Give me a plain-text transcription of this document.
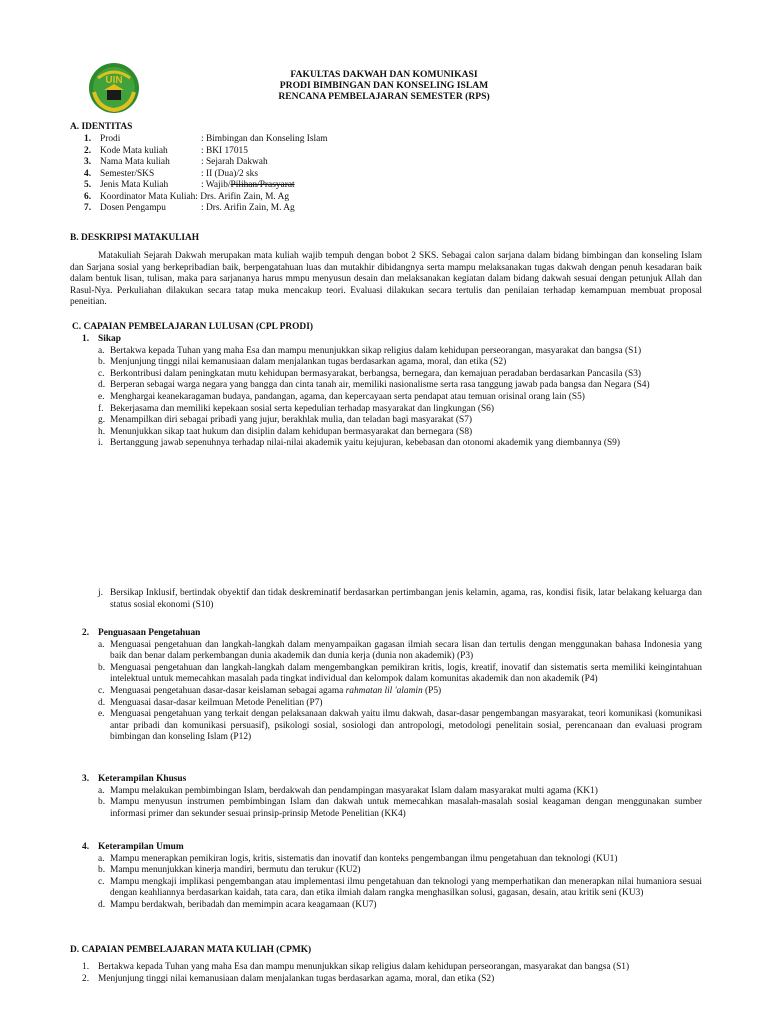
UIN
FAKULTAS DAKWAH DAN KOMUNIKASI
PRODI BIMBINGAN DAN KONSELING ISLAM
RENCANA PEMBELAJARAN SEMESTER (RPS)
A. IDENTITAS
1. Prodi	: Bimbingan dan Konseling Islam
2. Kode Mata kuliah	: BKI 17015
3. Nama Mata kuliah	: Sejarah Dakwah
4. Semester/SKS	: II (Dua)/2 sks
5. Jenis Mata Kuliah	: Wajib/Pilihan/Prasyarat
6. Koordinator Mata Kuliah: Drs. Arifin Zain, M. Ag
7. Dosen Pengampu	: Drs. Arifin Zain, M. Ag
B. DESKRIPSI MATAKULIAH
Matakuliah Sejarah Dakwah merupakan mata kuliah wajib tempuh dengan bobot 2 SKS. Sebagai calon sarjana dalam bidang bimbingan dan konseling Islam dan Sarjana sosial yang berkepribadian baik, berpengatahuan luas dan mutakhir dibidangnya serta mampu melaksanakan tugas dakwah dengan penuh kesadaran baik dalam bentuk lisan, tulisan, maka para sarjananya harus mmpu menyusun desain dan melaksanakan kegiatan dalam bidang dakwah sesuai dengan petunjuk Allah dan Rasul-Nya. Perkuliahan dilakukan secara tatap muka mencakup teori. Evaluasi dilakukan secara tertulis dan penilaian terhadap kemampuan membuat proposal peneitian.
C. CAPAIAN PEMBELAJARAN LULUSAN (CPL PRODI)
1. Sikap
a. Bertakwa kepada Tuhan yang maha Esa dan mampu menunjukkan sikap religius dalam kehidupan perseorangan, masyarakat dan bangsa (S1)
b. Menjunjung tinggi nilai kemanusiaan dalam menjalankan tugas berdasarkan agama, moral, dan etika (S2)
c. Berkontribusi dalam peningkatan mutu kehidupan bermasyarakat, berbangsa, bernegara, dan kemajuan peradaban berdasarkan Pancasila (S3)
d. Berperan sebagai warga negara yang bangga dan cinta tanah air, memiliki nasionalisme serta rasa tanggung jawab pada bangsa dan Negara (S4)
e. Menghargai keanekaragaman budaya, pandangan, agama, dan kepercayaan serta pendapat atau temuan orisinal orang lain (S5)
f. Bekerjasama dan memiliki kepekaan sosial serta kepedulian terhadap masyarakat dan lingkungan (S6)
g. Menampilkan diri sebagai pribadi yang jujur, berakhlak mulia, dan teladan bagi masyarakat (S7)
h. Menunjukkan sikap taat hukum dan disiplin dalam kehidupan bermasyarakat dan bernegara (S8)
i. Bertanggung jawab sepenuhnya terhadap nilai-nilai akademik yaitu kejujuran, kebebasan dan otonomi akademik yang diembannya (S9)
j. Bersikap Inklusif, bertindak obyektif dan tidak deskreminatif berdasarkan pertimbangan jenis kelamin, agama, ras, kondisi fisik, latar belakang keluarga dan status sosial ekonomi (S10)
2. Penguasaan Pengetahuan
a. Menguasai pengetahuan dan langkah-langkah dalam menyampaikan gagasan ilmiah secara lisan dan tertulis dengan menggunakan bahasa Indonesia yang baik dan benar dalam perkembangan dunia akademik dan dunia kerja (dunia non akademik) (P3)
b. Menguasai pengetahuan dan langkah-langkah dalam mengembangkan pemikiran kritis, logis, kreatif, inovatif dan sistematis serta memiliki keingintahuan intelektual untuk memecahkan masalah pada tingkat individual dan kelompok dalam komunitas akademik dan non akademik (P4)
c. Menguasai pengetahuan dasar-dasar keislaman sebagai agama rahmatan lil 'alamin (P5)
d. Menguasai dasar-dasar keilmuan Metode Penelitian (P7)
e. Menguasai pengetahuan yang terkait dengan pelaksanaan dakwah yaitu ilmu dakwah, dasar-dasar pengembangan masyarakat, teori komunikasi (komunikasi antar pribadi dan komunikasi persuasif), psikologi sosial, sosiologi dan antropologi, metodologi penelitain sosial, perencanaan dan evaluasi program bimbingan dan konseling Islam (P12)
3. Keterampilan Khusus
a. Mampu melakukan pembimbingan Islam, berdakwah dan pendampingan masyarakat Islam dalam masyarakat multi agama (KK1)
b. Mampu menyusun instrumen pembimbingan Islam dan dakwah untuk memecahkan masalah-masalah sosial keagaman dengan menggunakan sumber informasi primer dan sekunder sesuai prinsip-prinsip Metode Penelitian (KK4)
4. Keterampilan Umum
a. Mampu menerapkan pemikiran logis, kritis, sistematis dan inovatif dan konteks pengembangan ilmu pengetahuan dan teknologi (KU1)
b. Mampu menunjukkan kinerja mandiri, bermutu dan terukur (KU2)
c. Mampu mengkaji implikasi pengembangan atau implementasi ilmu pengetahuan dan teknologi yang memperhatikan dan menerapkan nilai humaniora sesuai dengan keahliannya berdasarkan kaidah, tata cara, dan etika ilmiah dalam rangka menghasilkan solusi, gagasan, desain, atau kritik seni (KU3)
d. Mampu berdakwah, beribadah dan memimpin acara keagamaan (KU7)
D. CAPAIAN PEMBELAJARAN MATA KULIAH (CPMK)
1. Bertakwa kepada Tuhan yang maha Esa dan mampu menunjukkan sikap religius dalam kehidupan perseorangan, masyarakat dan bangsa (S1)
2. Menjunjung tinggi nilai kemanusiaan dalam menjalankan tugas berdasarkan agama, moral, dan etika (S2)
